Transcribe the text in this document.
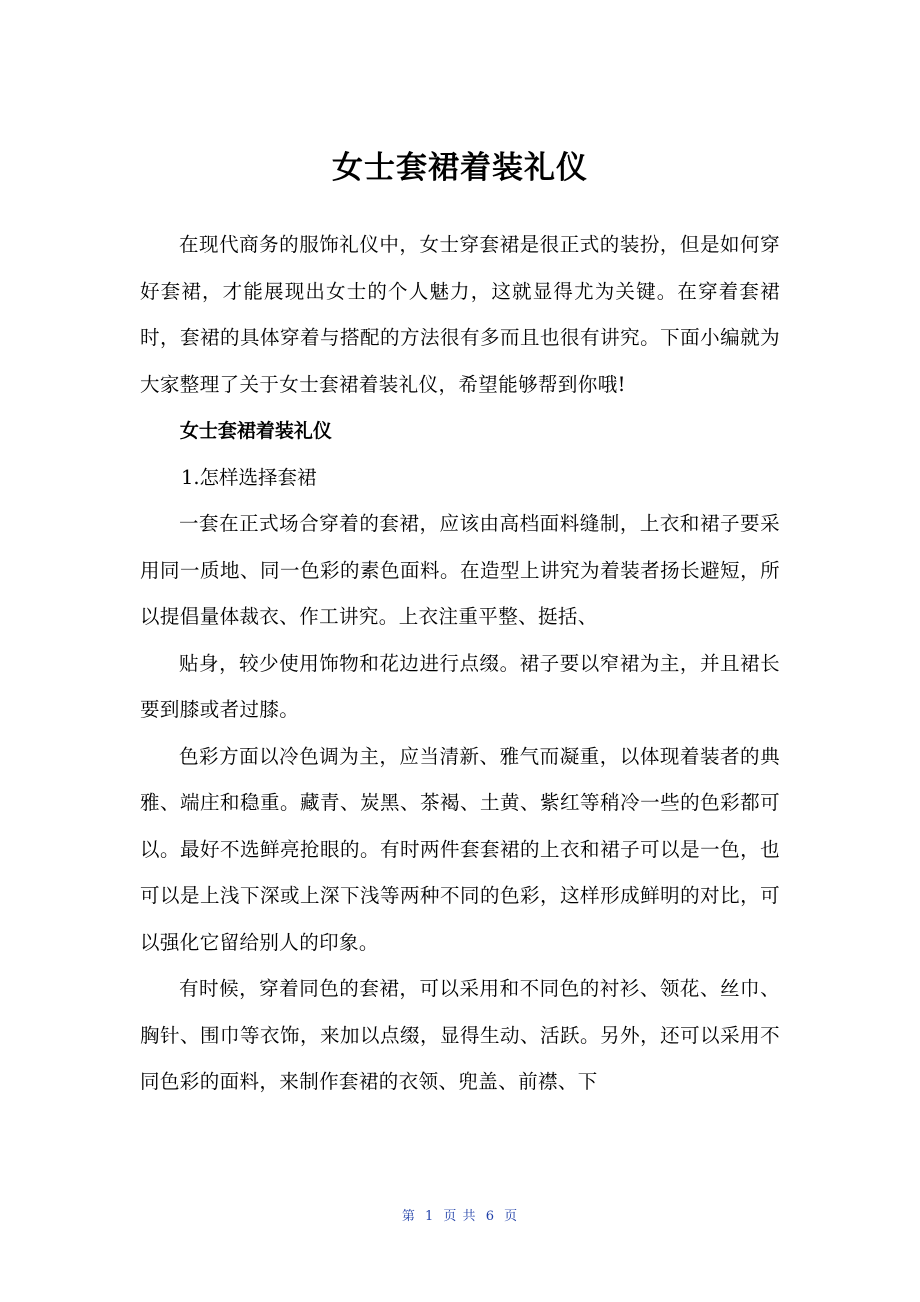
女士套裙着装礼仪

在现代商务的服饰礼仪中，女士穿套裙是很正式的装扮，但是如何穿好套裙，才能展现出女士的个人魅力，这就显得尤为关键。在穿着套裙时，套裙的具体穿着与搭配的方法很有多而且也很有讲究。下面小编就为大家整理了关于女士套裙着装礼仪，希望能够帮到你哦!

女士套裙着装礼仪

1.怎样选择套裙

一套在正式场合穿着的套裙，应该由高档面料缝制，上衣和裙子要采用同一质地、同一色彩的素色面料。在造型上讲究为着装者扬长避短，所以提倡量体裁衣、作工讲究。上衣注重平整、挺括、

贴身，较少使用饰物和花边进行点缀。裙子要以窄裙为主，并且裙长要到膝或者过膝。

色彩方面以冷色调为主，应当清新、雅气而凝重，以体现着装者的典雅、端庄和稳重。藏青、炭黑、茶褐、土黄、紫红等稍冷一些的色彩都可以。最好不选鲜亮抢眼的。有时两件套套裙的上衣和裙子可以是一色，也可以是上浅下深或上深下浅等两种不同的色彩，这样形成鲜明的对比，可以强化它留给别人的印象。

有时候，穿着同色的套裙，可以采用和不同色的衬衫、领花、丝巾、胸针、围巾等衣饰，来加以点缀，显得生动、活跃。另外，还可以采用不同色彩的面料，来制作套裙的衣领、兜盖、前襟、下

第 1 页 共 6 页
